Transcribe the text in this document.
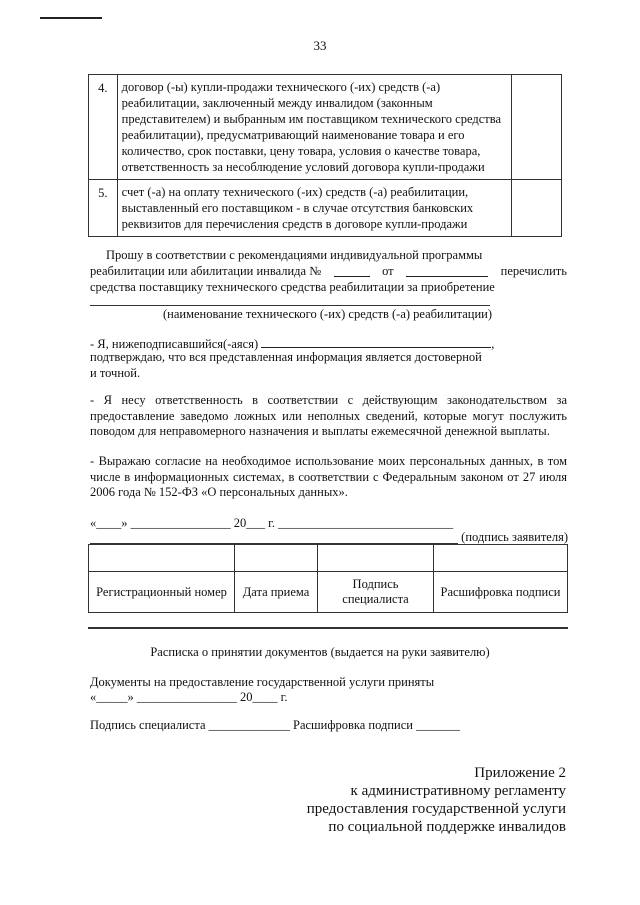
33
4.	договор (-ы) купли-продажи технического (-их) средств (-а) реабилитации, заключенный между инвалидом (законным представителем) и выбранным им поставщиком технического средства реабилитации), предусматривающий наименование товара и его количество, срок поставки, цену товара, условия о качестве товара, ответственность за несоблюдение условий договора купли-продажи	
5.	счет (-а) на оплату технического (-их) средств (-а) реабилитации, выставленный его поставщиком - в случае отсутствия банковских реквизитов для перечисления средств в договоре купли-продажи	
Прошу в соответствии с рекомендациями индивидуальной программы
реабилитации или абилитации инвалида №	от	перечислить
средства поставщику технического средства реабилитации за приобретение
(наименование технического (-их) средств (-а) реабилитации)
- Я, нижеподписавшийся(-аяся)	,
подтверждаю, что вся представленная информация является достоверной и точной.
- Я несу ответственность в соответствии с действующим законодательством за предоставление заведомо ложных или неполных сведений, которые могут послужить поводом для неправомерного назначения и выплаты ежемесячной денежной выплаты.
- Выражаю согласие на необходимое использование моих персональных данных, в том числе в информационных системах, в соответствии с Федеральным законом от 27 июля 2006 года № 152-ФЗ «О персональных данных».
«____» ________________ 20___ г. ____________________________
(подпись заявителя)

Регистрационный номер	Дата приема	Подпись специалиста	Расшифровка подписи
Расписка о принятии документов (выдается на руки заявителю)
Документы на предоставление государственной услуги приняты
«_____» ________________ 20____ г.
Подпись специалиста _____________ Расшифровка подписи _______
Приложение 2
к административному регламенту
предоставления государственной услуги
по социальной поддержке инвалидов
